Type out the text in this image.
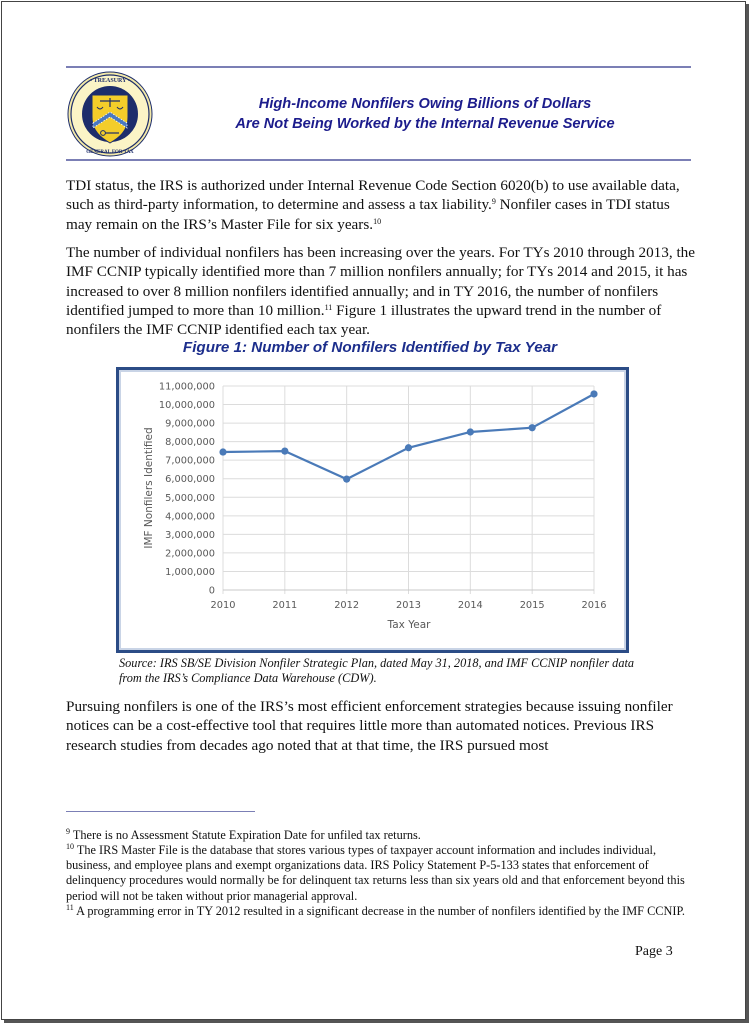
• TREASURY •
GENERAL FOR TAX
High-Income Nonfilers Owing Billions of Dollars
Are Not Being Worked by the Internal Revenue Service

TDI status, the IRS is authorized under Internal Revenue Code Section 6020(b) to use available data, such as third-party information, to determine and assess a tax liability.$^9$ Nonfiler cases in TDI status may remain on the IRS’s Master File for six years.$^{10}$

The number of individual nonfilers has been increasing over the years. For TYs 2010 through 2013, the IMF CCNIP typically identified more than 7 million nonfilers annually; for TYs 2014 and 2015, it has increased to over 8 million nonfilers identified annually; and in TY 2016, the number of nonfilers identified jumped to more than 10 million.$^{11}$ Figure 1 illustrates the upward trend in the number of nonfilers the IMF CCNIP identified each tax year.

Figure 1: Number of Nonfilers Identified by Tax Year
0
1,000,000
2,000,000
3,000,000
4,000,000
5,000,000
6,000,000
7,000,000
8,000,000
9,000,000
10,000,000
11,000,000
2010	2011	2012	2013	2014	2015	2016
IMF Nonfilers Identified
Tax Year
Source: IRS SB/SE Division Nonfiler Strategic Plan, dated May 31, 2018, and IMF CCNIP nonfiler data from the IRS’s Compliance Data Warehouse (CDW).

Pursuing nonfilers is one of the IRS’s most efficient enforcement strategies because issuing nonfiler notices can be a cost-effective tool that requires little more than automated notices. Previous IRS research studies from decades ago noted that at that time, the IRS pursued most

$^9$ There is no Assessment Statute Expiration Date for unfiled tax returns.

$^{10}$ The IRS Master File is the database that stores various types of taxpayer account information and includes individual, business, and employee plans and exempt organizations data. IRS Policy Statement P-5-133 states that enforcement of delinquency procedures would normally be for delinquent tax returns less than six years old and that enforcement beyond this period will not be taken without prior managerial approval.

$^{11}$ A programming error in TY 2012 resulted in a significant decrease in the number of nonfilers identified by the IMF CCNIP.

Page 3
